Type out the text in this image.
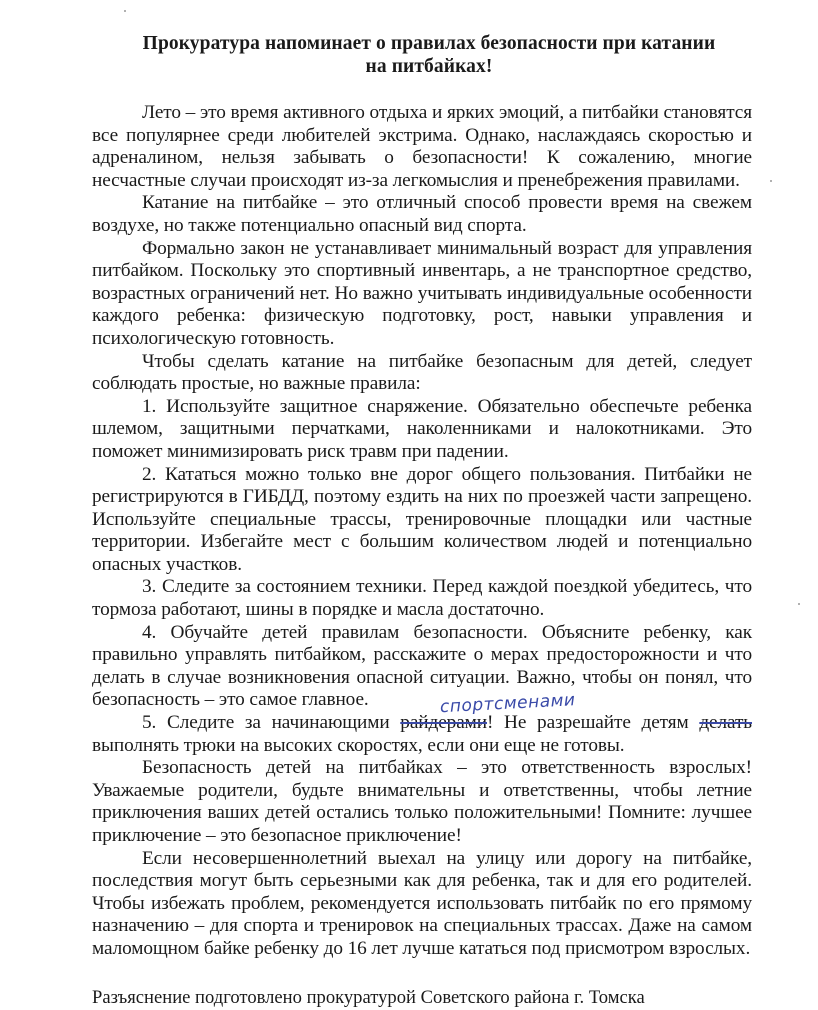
Прокуратура напоминает о правилах безопасности при катании
на питбайках!

Лето – это время активного отдыха и ярких эмоций, а питбайки становятся все популярнее среди любителей экстрима. Однако, наслаждаясь скоростью и адреналином, нельзя забывать о безопасности! К сожалению, многие несчастные случаи происходят из-за легкомыслия и пренебрежения правилами.

Катание на питбайке – это отличный способ провести время на свежем воздухе, но также потенциально опасный вид спорта.

Формально закон не устанавливает минимальный возраст для управления питбайком. Поскольку это спортивный инвентарь, а не транспортное средство, возрастных ограничений нет. Но важно учитывать индивидуальные особенности каждого ребенка: физическую подготовку, рост, навыки управления и психологическую готовность.

Чтобы сделать катание на питбайке безопасным для детей, следует соблюдать простые, но важные правила:

1. Используйте защитное снаряжение. Обязательно обеспечьте ребенка шлемом, защитными перчатками, наколенниками и налокотниками. Это поможет минимизировать риск травм при падении.

2. Кататься можно только вне дорог общего пользования. Питбайки не регистрируются в ГИБДД, поэтому ездить на них по проезжей части запрещено. Используйте специальные трассы, тренировочные площадки или частные территории. Избегайте мест с большим количеством людей и потенциально опасных участков.

3. Следите за состоянием техники. Перед каждой поездкой убедитесь, что тормоза работают, шины в порядке и масла достаточно.

4. Обучайте детей правилам безопасности. Объясните ребенку, как правильно управлять питбайком, расскажите о мерах предосторожности и что делать в случае возникновения опасной ситуации. Важно, чтобы он понял, что безопасность – это самое главное.

5. Следите за начинающими
спортсменами
райдерами! Не разрешайте детям делать выполнять трюки на высоких скоростях, если они еще не готовы.

Безопасность детей на питбайках – это ответственность взрослых! Уважаемые родители, будьте внимательны и ответственны, чтобы летние приключения ваших детей остались только положительными! Помните: лучшее приключение – это безопасное приключение!

Если несовершеннолетний выехал на улицу или дорогу на питбайке, последствия могут быть серьезными как для ребенка, так и для его родителей. Чтобы избежать проблем, рекомендуется использовать питбайк по его прямому назначению – для спорта и тренировок на специальных трассах. Даже на самом маломощном байке ребенку до 16 лет лучше кататься под присмотром взрослых.

Разъяснение подготовлено прокуратурой Советского района г. Томска
